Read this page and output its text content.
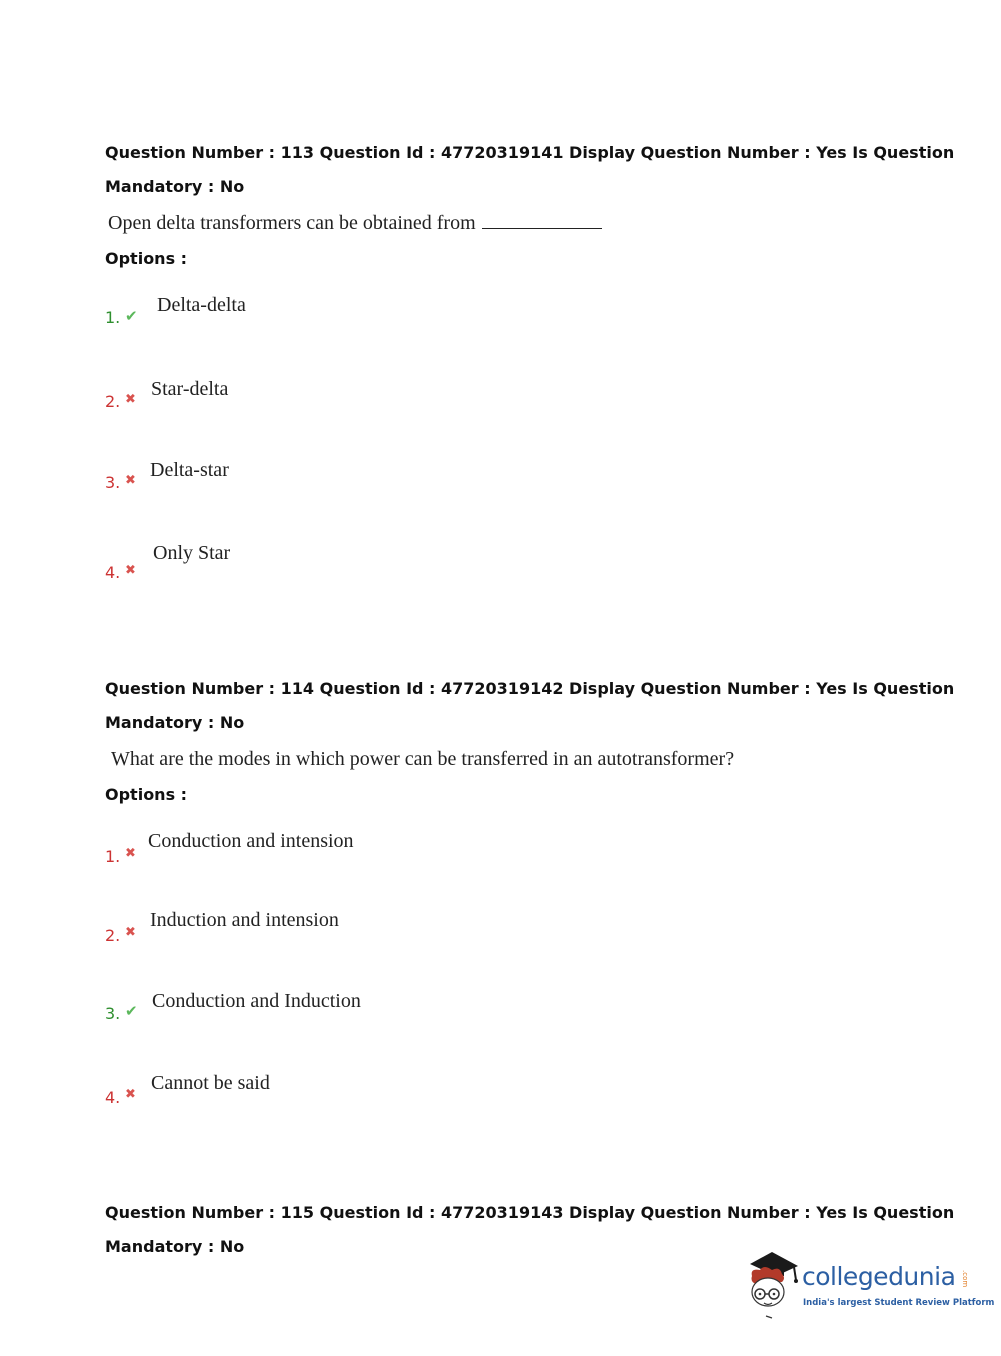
Question Number : 113 Question Id : 47720319141 Display Question Number : Yes Is Question
Mandatory : No
Open delta transformers can be obtained from
Options :
1. ✔ Delta-delta
2. ✖ Star-delta
3. ✖ Delta-star
4. ✖
Only Star
Question Number : 114 Question Id : 47720319142 Display Question Number : Yes Is Question
Mandatory : No
What are the modes in which power can be transferred in an autotransformer?
Options :
1. ✖
Conduction and intension
2. ✖
Induction and intension
3. ✔ Conduction and Induction
4. ✖
Cannot be said
Question Number : 115 Question Id : 47720319143 Display Question Number : Yes Is Question
Mandatory : No
collegedunia .com
India's largest Student Review Platform
